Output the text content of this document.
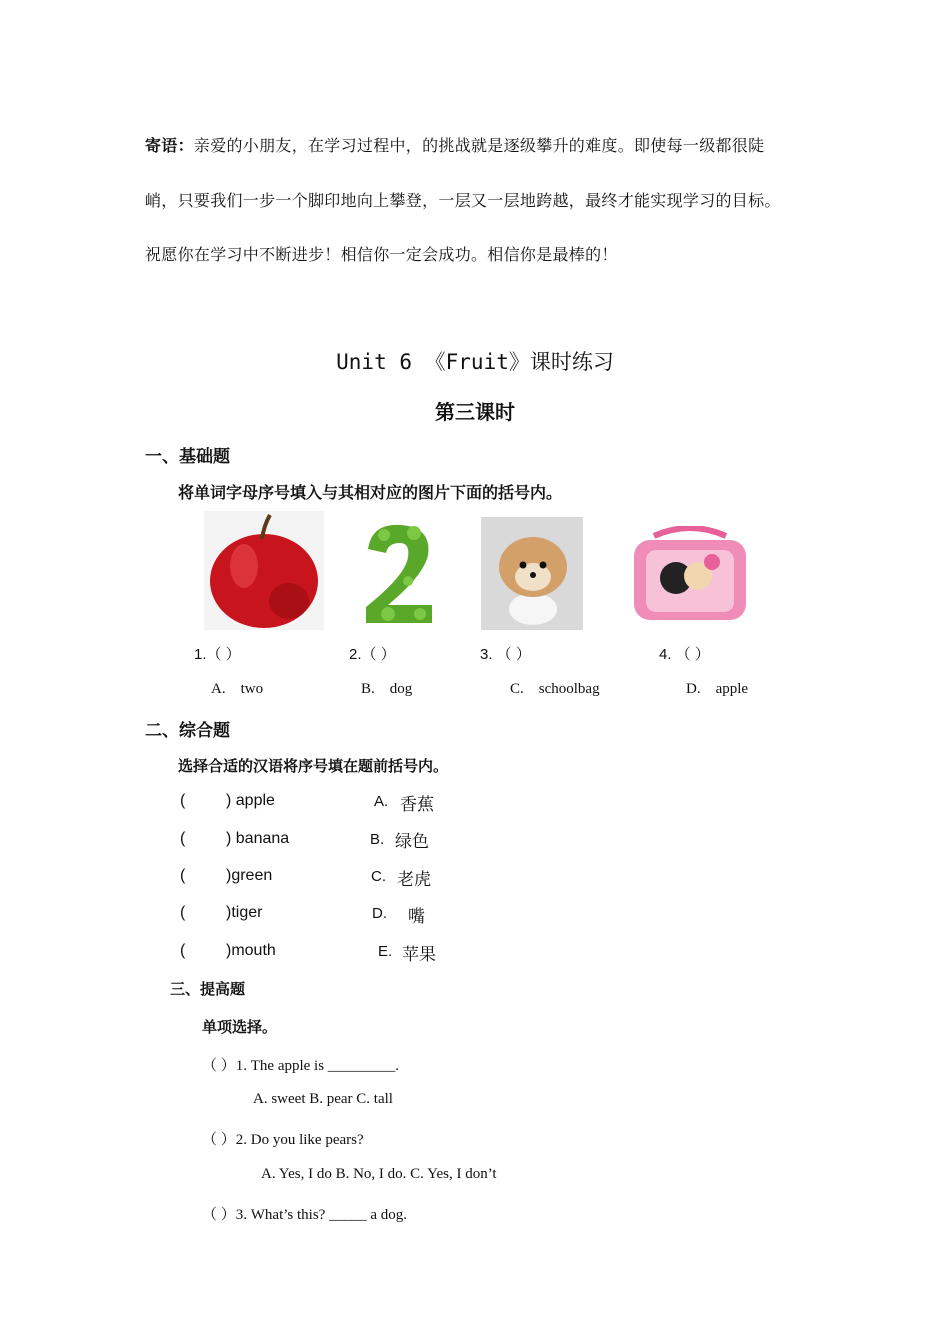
寄语：亲爱的小朋友，在学习过程中，的挑战就是逐级攀升的难度。即使每一级都很陡
峭，只要我们一步一个脚印地向上攀登，一层又一层地跨越，最终才能实现学习的目标。
祝愿你在学习中不断进步！相信你一定会成功。相信你是最棒的！
Unit 6 《Fruit》课时练习
第三课时
一、基础题
将单词字母序号填入与其相对应的图片下面的括号内。
1.（ ）	2.（ ）	3. （ ）	4. （ ）
A. two	B. dog	C. schoolbag	D. apple
二、综合题
选择合适的汉语将序号填在题前括号内。
(	) apple	A. 香蕉
(	) banana	B. 绿色
(	)green	C. 老虎
(	)tiger	D. 嘴
(	)mouth	E. 苹果
三、提高题
单项选择。
（ ）1. The apple is _________.
A. sweet B. pear C. tall
（ ）2. Do you like pears?
A. Yes, I do B. No, I do. C. Yes, I don’t
（ ）3. What’s this? _____ a dog.
